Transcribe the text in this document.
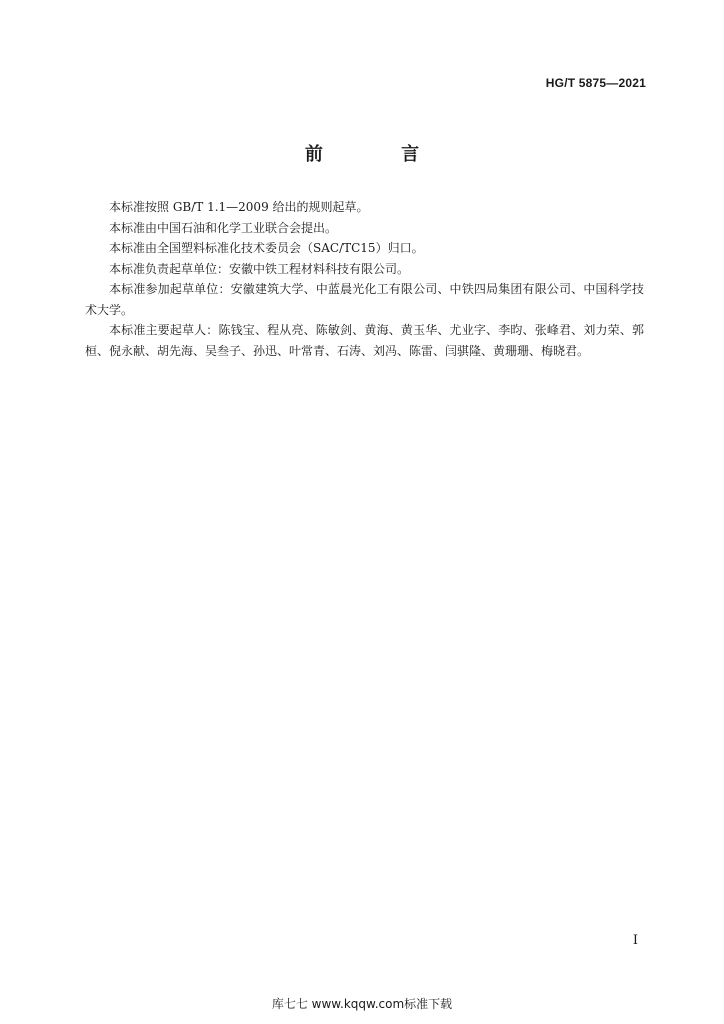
HG/T 5875—2021
前 言

本标准按照 GB/T 1.1—2009 给出的规则起草。

本标准由中国石油和化学工业联合会提出。

本标准由全国塑料标准化技术委员会（SAC/TC15）归口。

本标准负责起草单位：安徽中铁工程材料科技有限公司。

本标准参加起草单位：安徽建筑大学、中蓝晨光化工有限公司、中铁四局集团有限公司、中国科学技术大学。

本标准主要起草人：陈钱宝、程从亮、陈敏剑、黄海、黄玉华、尤业字、李昀、张峰君、刘力荣、郭桓、倪永献、胡先海、吴叁子、孙迅、叶常青、石涛、刘冯、陈雷、闫骐隆、黄珊珊、梅晓君。

I
库七七 www.kqqw.com标准下载
